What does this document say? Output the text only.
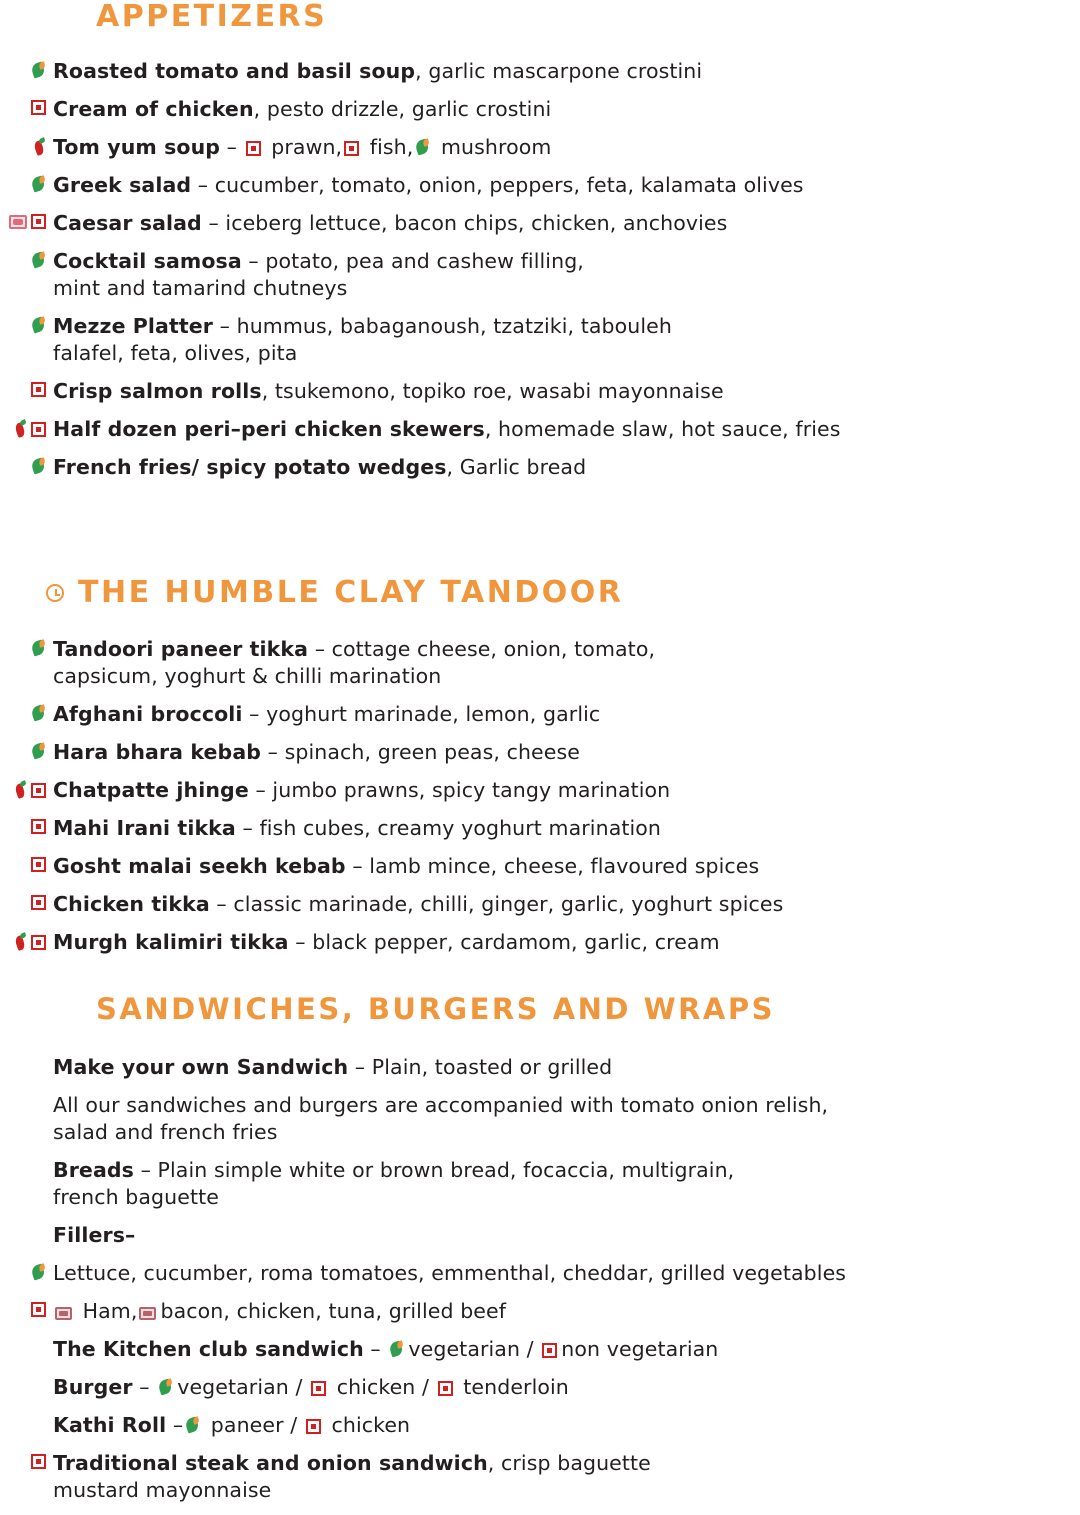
APPETIZERS
Roasted tomato and basil soup, garlic mascarpone crostini
Cream of chicken, pesto drizzle, garlic crostini
Tom yum soup –  prawn, fish, mushroom
Greek salad – cucumber, tomato, onion, peppers, feta, kalamata olives
Caesar salad – iceberg lettuce, bacon chips, chicken, anchovies
Cocktail samosa – potato, pea and cashew filling,
mint and tamarind chutneys
Mezze Platter – hummus, babaganoush, tzatziki, tabouleh
falafel, feta, olives, pita
Crisp salmon rolls, tsukemono, topiko roe, wasabi mayonnaise
Half dozen peri–peri chicken skewers, homemade slaw, hot sauce, fries
French fries/ spicy potato wedges, Garlic bread
THE HUMBLE CLAY TANDOOR
Tandoori paneer tikka – cottage cheese, onion, tomato,
capsicum, yoghurt & chilli marination
Afghani broccoli – yoghurt marinade, lemon, garlic
Hara bhara kebab – spinach, green peas, cheese
Chatpatte jhinge – jumbo prawns, spicy tangy marination
Mahi Irani tikka – fish cubes, creamy yoghurt marination
Gosht malai seekh kebab – lamb mince, cheese, flavoured spices
Chicken tikka – classic marinade, chilli, ginger, garlic, yoghurt spices
Murgh kalimiri tikka – black pepper, cardamom, garlic, cream
SANDWICHES, BURGERS AND WRAPS
Make your own Sandwich – Plain, toasted or grilled
All our sandwiches and burgers are accompanied with tomato onion relish,
salad and french fries
Breads – Plain simple white or brown bread, focaccia, multigrain,
french baguette
Fillers–
Lettuce, cucumber, roma tomatoes, emmenthal, cheddar, grilled vegetables
Ham, bacon, chicken, tuna, grilled beef
The Kitchen club sandwich – vegetarian / non vegetarian
Burger – vegetarian /  chicken /  tenderloin
Kathi Roll – paneer /  chicken
Traditional steak and onion sandwich, crisp baguette
mustard mayonnaise
